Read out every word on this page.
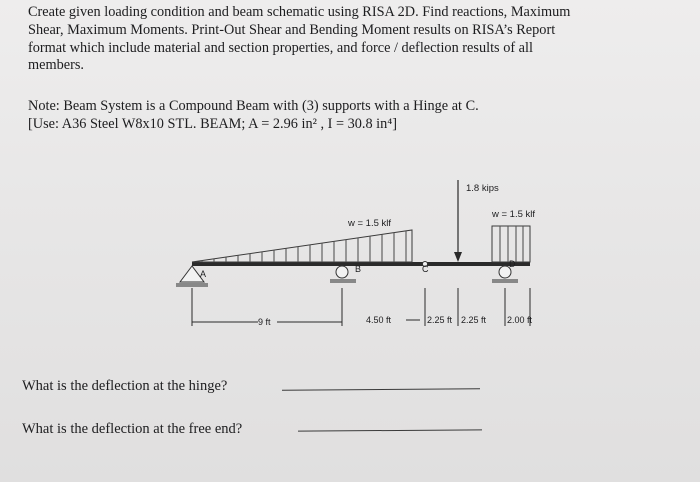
Create given loading condition and beam schematic using RISA 2D. Find reactions, Maximum
Shear, Maximum Moments. Print-Out Shear and Bending Moment results on RISA’s Report
format which include material and section properties, and force / deflection results of all
members.

Note: Beam System is a Compound Beam with (3) supports with a Hinge at C.
[Use: A36 Steel W8x10 STL. BEAM; A = 2.96 in² , I = 30.8 in⁴]

w = 1.5 klf
w = 1.5 klf
1.8 kips
A	B	C	D
9 ft	4.50 ft	2.25 ft 2.25 ft 2.00 ft
What is the deflection at the hinge?
What is the deflection at the free end?
